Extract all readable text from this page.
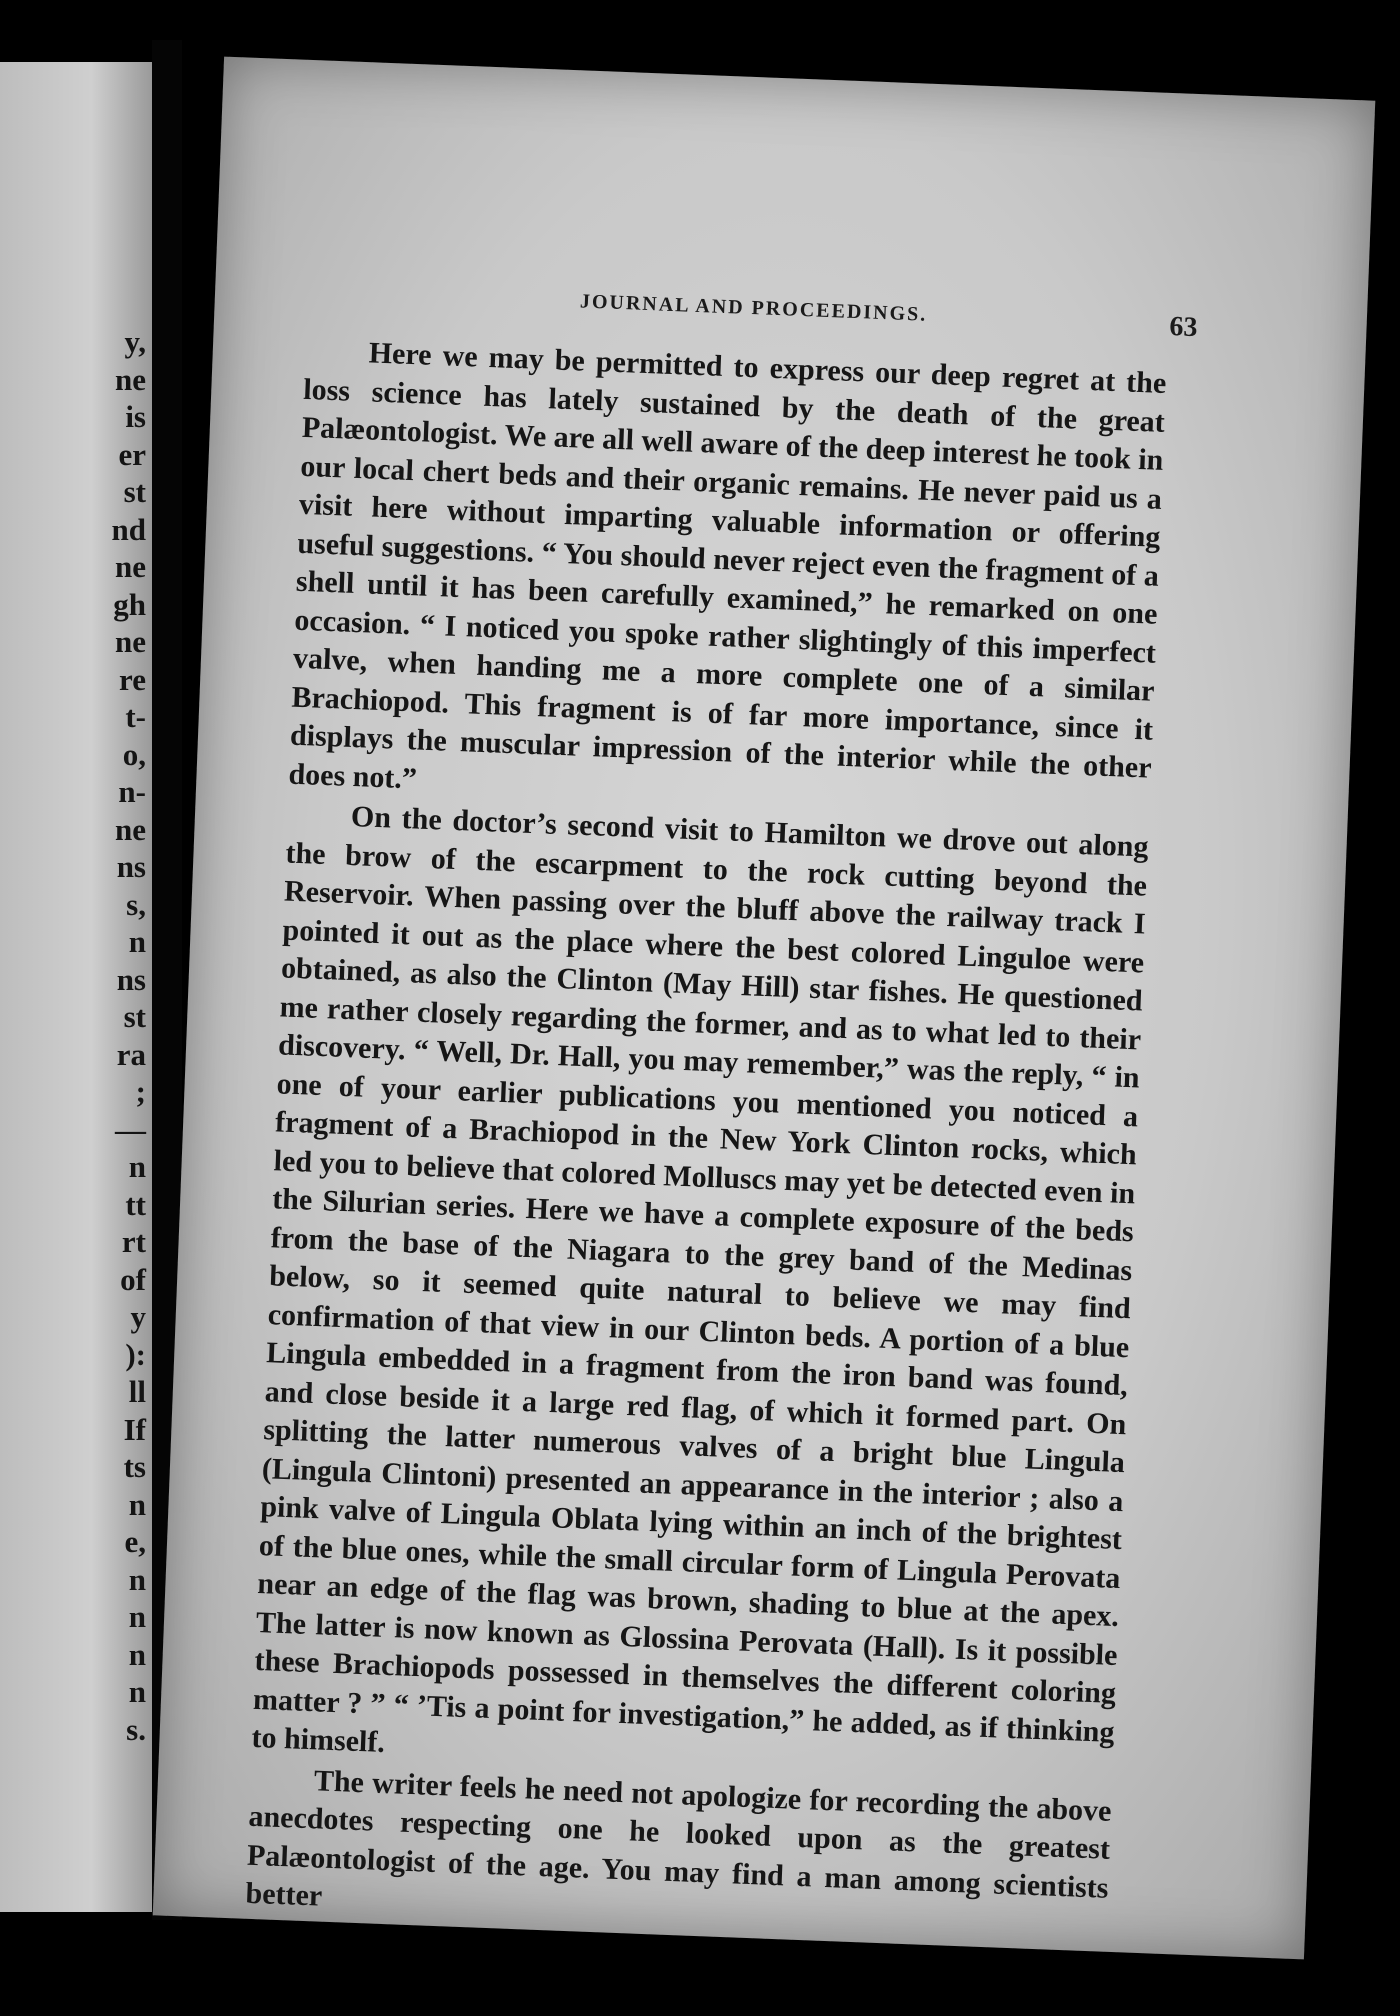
y,
ne
is
er
st
nd
ne
gh
ne
re
t-
o,
n-
ne
ns
s,
n
ns
st
ra
;
—
n
tt
rt
of
y
):
ll
If
ts
n
e,
n
n
n
n
s.
JOURNAL AND PROCEEDINGS.
63

Here we may be permitted to express our deep regret at the loss science has lately sustained by the death of the great Palæontologist. We are all well aware of the deep interest he took in our local chert beds and their organic remains. He never paid us a visit here without imparting valuable information or offering useful suggestions. “ You should never reject even the fragment of a shell until it has been carefully examined,” he remarked on one occasion. “ I noticed you spoke rather slightingly of this imperfect valve, when handing me a more complete one of a similar Brachiopod. This fragment is of far more importance, since it displays the muscular impression of the interior while the other does not.”

On the doctor’s second visit to Hamilton we drove out along the brow of the escarpment to the rock cutting beyond the Reservoir. When passing over the bluff above the railway track I pointed it out as the place where the best colored Linguloe were obtained, as also the Clinton (May Hill) star fishes. He questioned me rather closely regarding the former, and as to what led to their discovery. “ Well, Dr. Hall, you may remember,” was the reply, “ in one of your earlier publications you mentioned you noticed a fragment of a Brachiopod in the New York Clinton rocks, which led you to believe that colored Molluscs may yet be detected even in the Silurian series. Here we have a complete exposure of the beds from the base of the Niagara to the grey band of the Medinas below, so it seemed quite natural to believe we may find confirmation of that view in our Clinton beds. A portion of a blue Lingula embedded in a fragment from the iron band was found, and close beside it a large red flag, of which it formed part. On splitting the latter numerous valves of a bright blue Lingula (Lingula Clintoni) presented an appearance in the interior ; also a pink valve of Lingula Oblata lying within an inch of the brightest of the blue ones, while the small circular form of Lingula Perovata near an edge of the flag was brown, shading to blue at the apex. The latter is now known as Glossina Perovata (Hall). Is it possible these Brachiopods possessed in themselves the different coloring matter ? ” “ ’Tis a point for investigation,” he added, as if thinking to himself.

The writer feels he need not apologize for recording the above anecdotes respecting one he looked upon as the greatest Palæontologist of the age. You may find a man among scientists better
